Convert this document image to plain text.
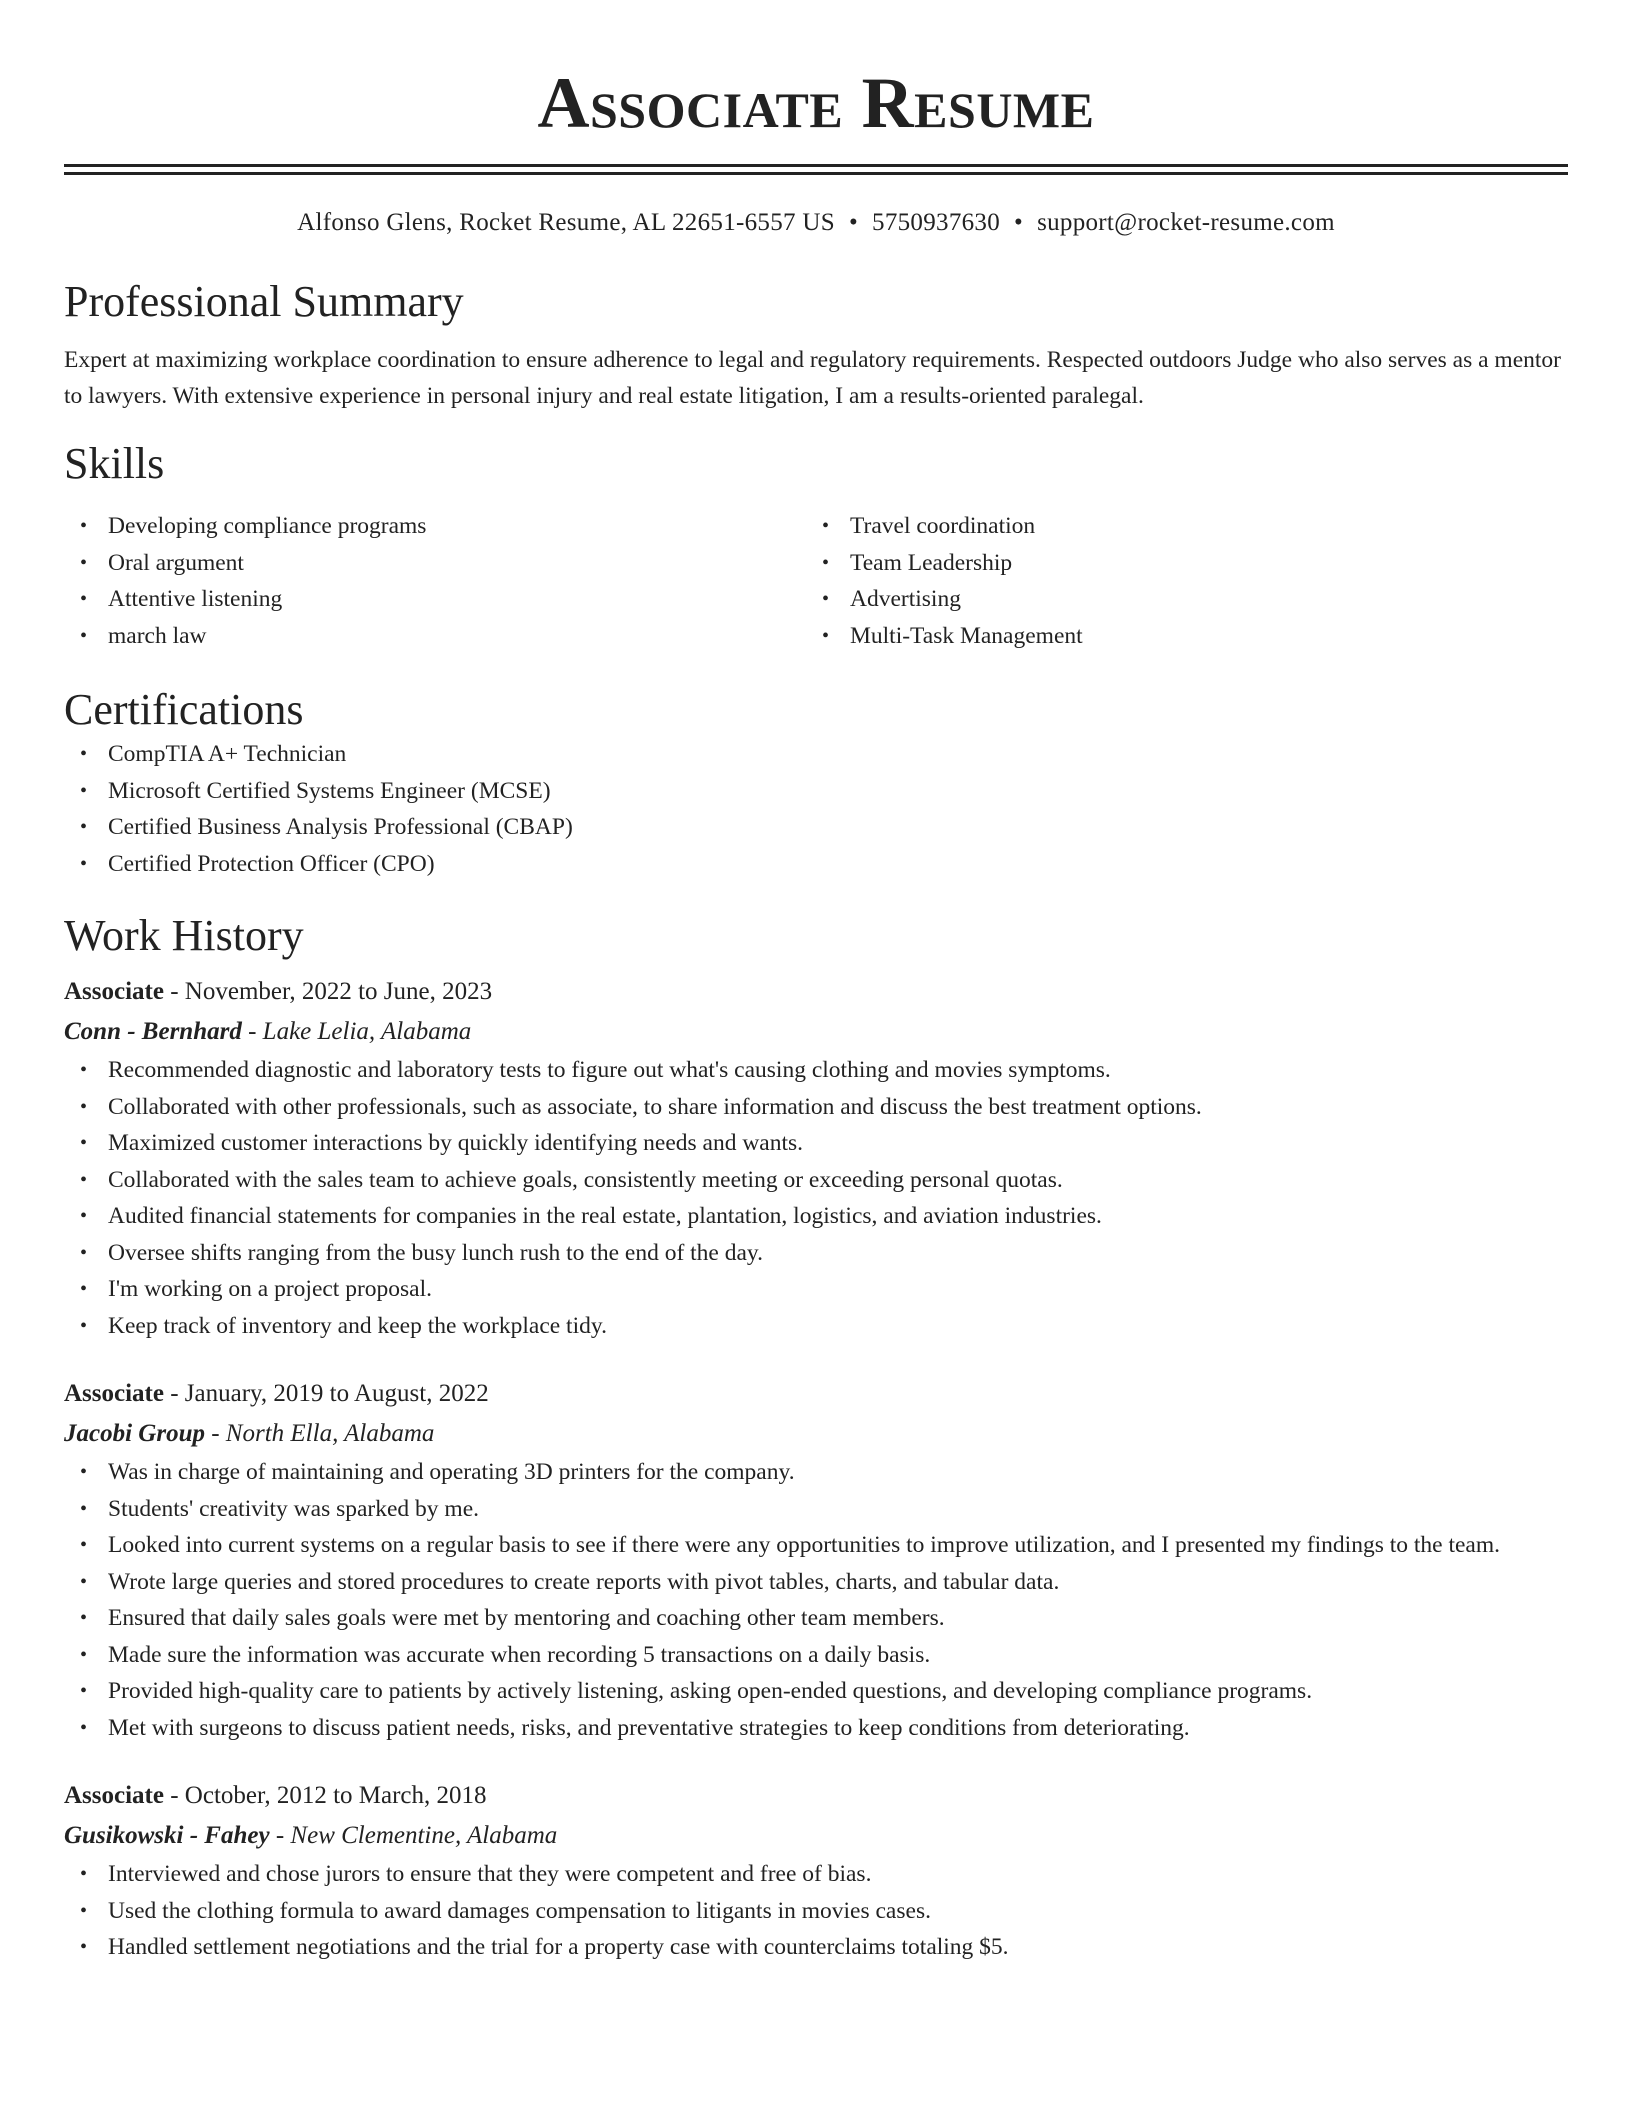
Associate Resume
Alfonso Glens, Rocket Resume, AL 22651-6557 US • 5750937630 • support@rocket-resume.com
Professional Summary
Expert at maximizing workplace coordination to ensure adherence to legal and regulatory requirements. Respected outdoors Judge who also serves as a mentor to lawyers. With extensive experience in personal injury and real estate litigation, I am a results-oriented paralegal.
Skills
• Developing compliance programs
• Oral argument
• Attentive listening
• march law
• Travel coordination
• Team Leadership
• Advertising
• Multi-Task Management
Certifications
• CompTIA A+ Technician
• Microsoft Certified Systems Engineer (MCSE)
• Certified Business Analysis Professional (CBAP)
• Certified Protection Officer (CPO)
Work History
Associate - November, 2022 to June, 2023
Conn - Bernhard - Lake Lelia, Alabama
• Recommended diagnostic and laboratory tests to figure out what's causing clothing and movies symptoms.
• Collaborated with other professionals, such as associate, to share information and discuss the best treatment options.
• Maximized customer interactions by quickly identifying needs and wants.
• Collaborated with the sales team to achieve goals, consistently meeting or exceeding personal quotas.
• Audited financial statements for companies in the real estate, plantation, logistics, and aviation industries.
• Oversee shifts ranging from the busy lunch rush to the end of the day.
• I'm working on a project proposal.
• Keep track of inventory and keep the workplace tidy.
Associate - January, 2019 to August, 2022
Jacobi Group - North Ella, Alabama
• Was in charge of maintaining and operating 3D printers for the company.
• Students' creativity was sparked by me.
• Looked into current systems on a regular basis to see if there were any opportunities to improve utilization, and I presented my findings to the team.
• Wrote large queries and stored procedures to create reports with pivot tables, charts, and tabular data.
• Ensured that daily sales goals were met by mentoring and coaching other team members.
• Made sure the information was accurate when recording 5 transactions on a daily basis.
• Provided high-quality care to patients by actively listening, asking open-ended questions, and developing compliance programs.
• Met with surgeons to discuss patient needs, risks, and preventative strategies to keep conditions from deteriorating.
Associate - October, 2012 to March, 2018
Gusikowski - Fahey - New Clementine, Alabama
• Interviewed and chose jurors to ensure that they were competent and free of bias.
• Used the clothing formula to award damages compensation to litigants in movies cases.
• Handled settlement negotiations and the trial for a property case with counterclaims totaling $5.
